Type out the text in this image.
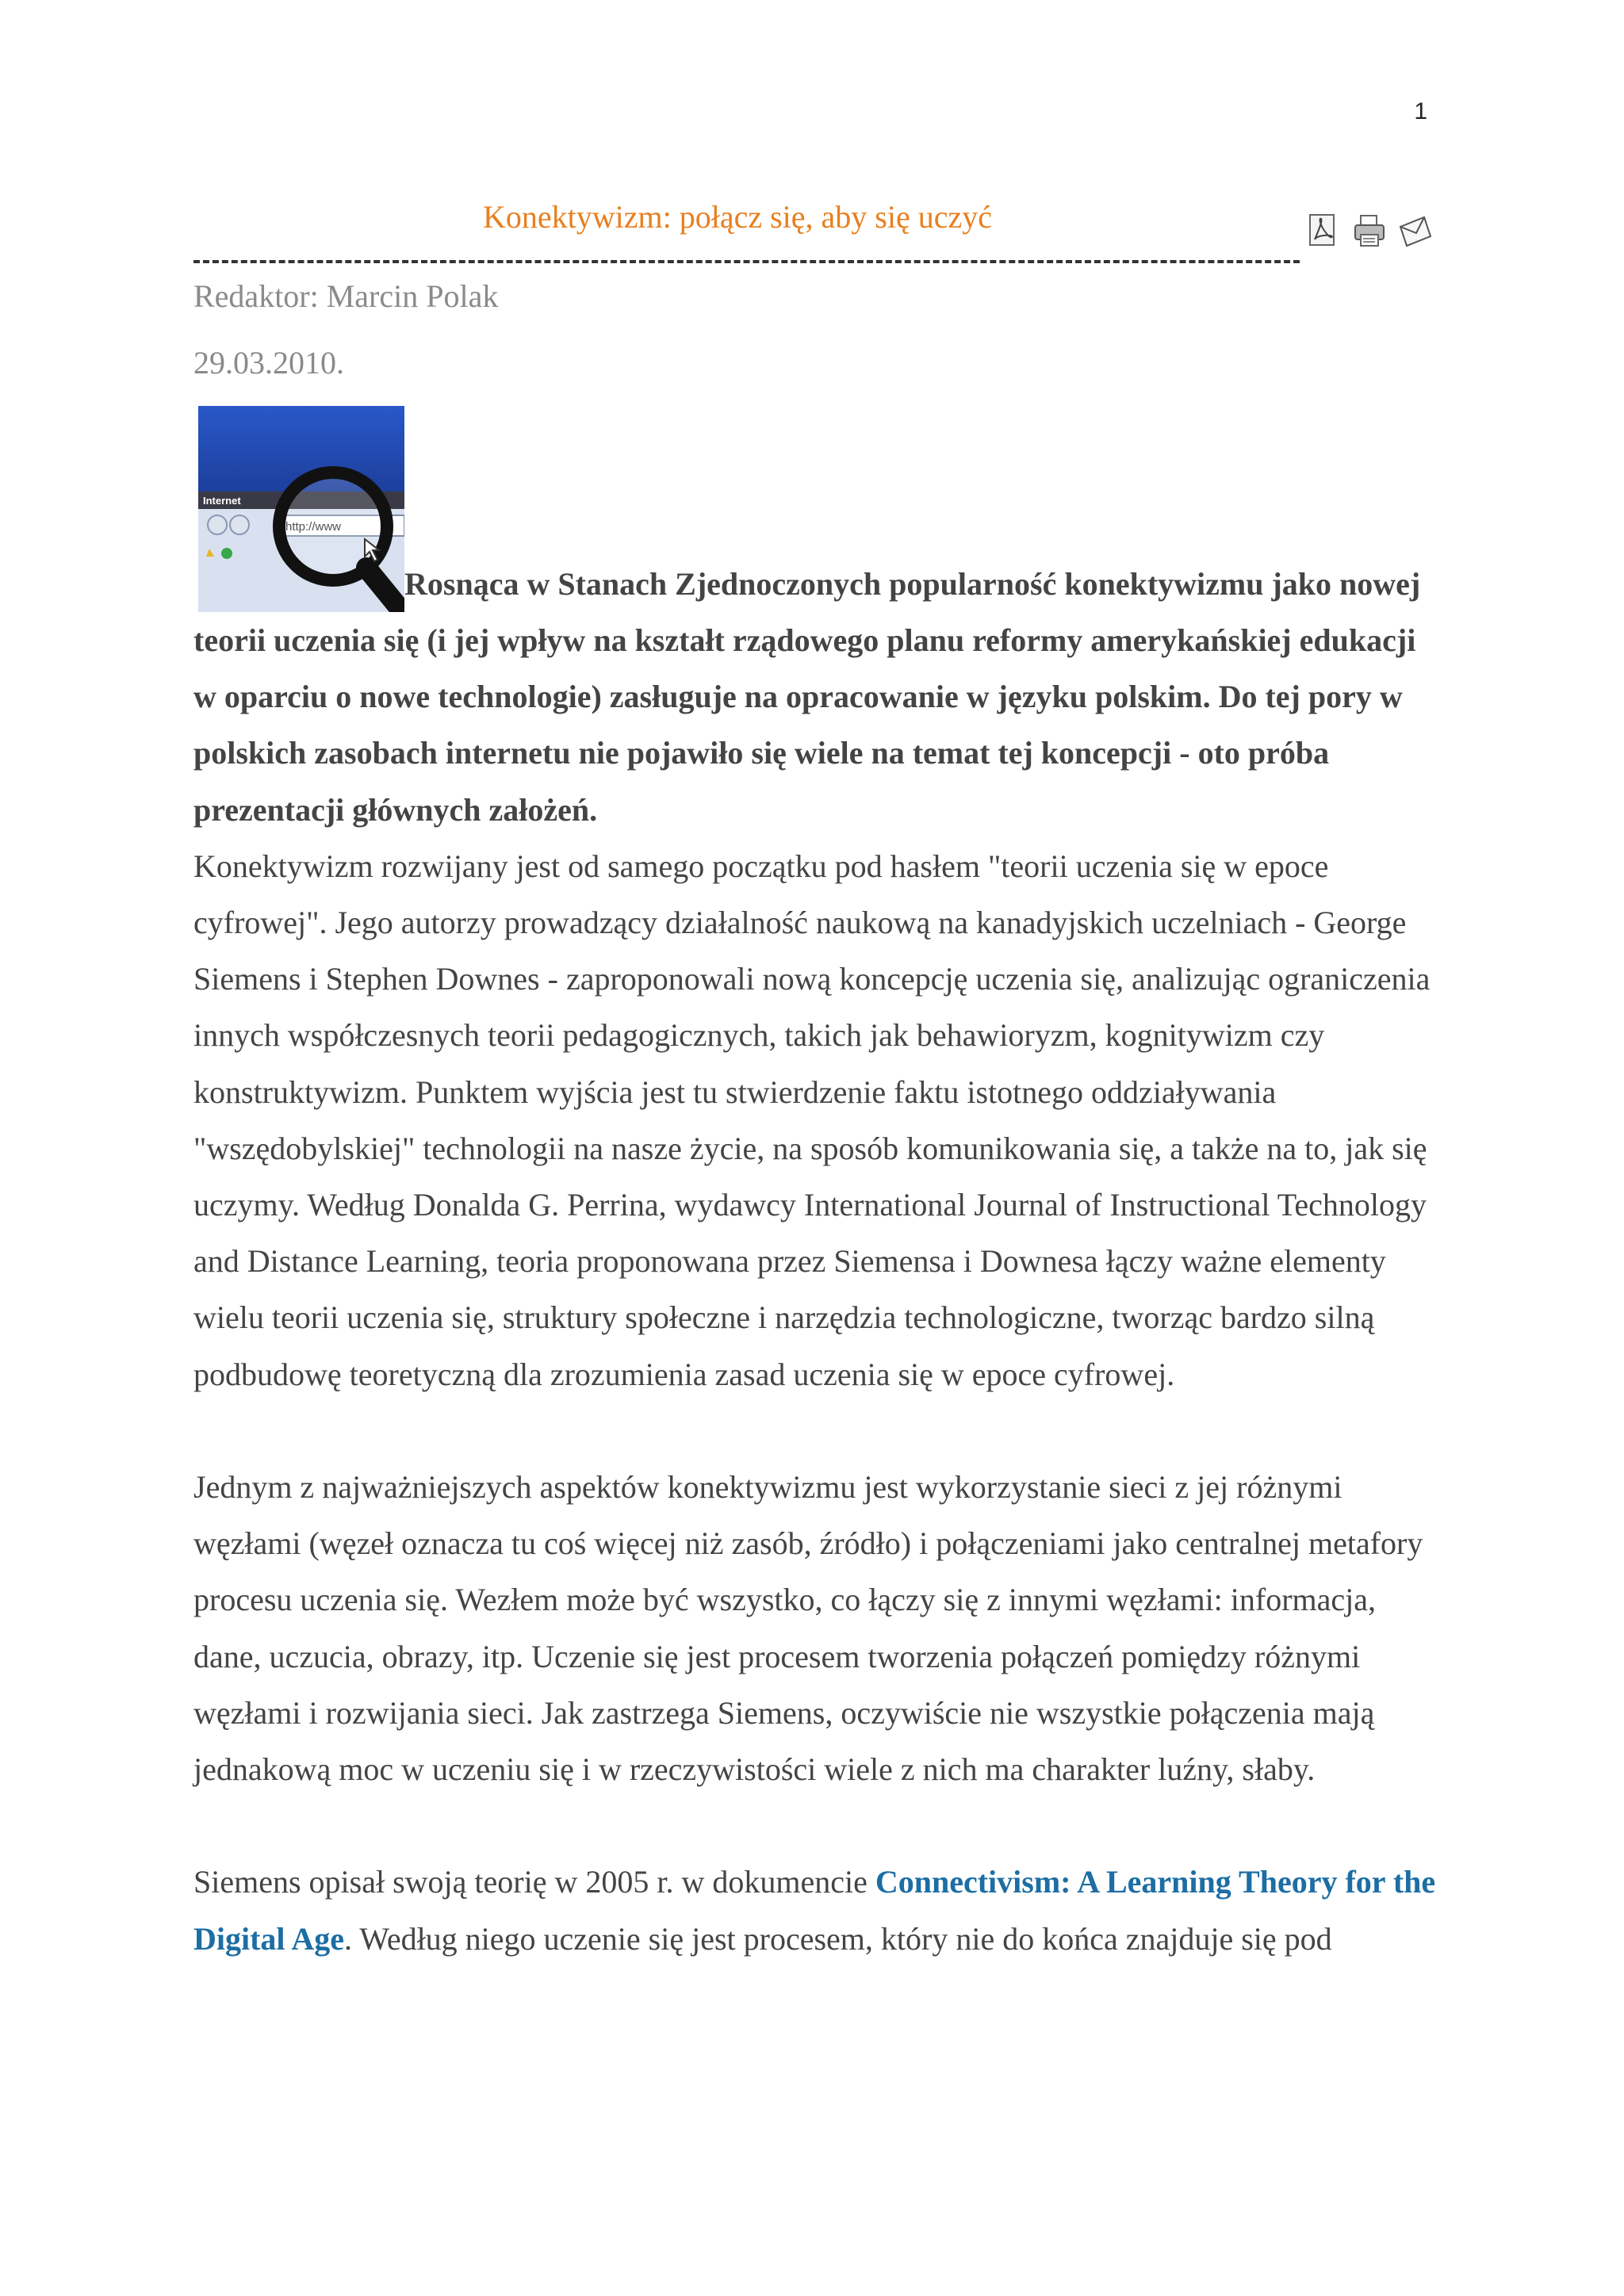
1
Konektywizm: połącz się, aby się uczyć
Redaktor: Marcin Polak
29.03.2010.

Internet
Rosnąca w Stanach Zjednoczonych popularność konektywizmu jako nowej teorii uczenia się (i jej wpływ na kształt rządowego planu reformy amerykańskiej edukacji w oparciu o nowe technologie) zasługuje na opracowanie w języku polskim. Do tej pory w polskich zasobach internetu nie pojawiło się wiele na temat tej koncepcji - oto próba prezentacji głównych założeń.

Konektywizm rozwijany jest od samego początku pod hasłem "teorii uczenia się w epoce cyfrowej". Jego autorzy prowadzący działalność naukową na kanadyjskich uczelniach - George Siemens i Stephen Downes - zaproponowali nową koncepcję uczenia się, analizując ograniczenia innych współczesnych teorii pedagogicznych, takich jak behawioryzm, kognitywizm czy konstruktywizm. Punktem wyjścia jest tu stwierdzenie faktu istotnego oddziaływania "wszędobylskiej" technologii na nasze życie, na sposób komunikowania się, a także na to, jak się uczymy. Według Donalda G. Perrina, wydawcy International Journal of Instructional Technology and Distance Learning, teoria proponowana przez Siemensa i Downesa łączy ważne elementy wielu teorii uczenia się, struktury społeczne i narzędzia technologiczne, tworząc bardzo silną podbudowę teoretyczną dla zrozumienia zasad uczenia się w epoce cyfrowej.

Jednym z najważniejszych aspektów konektywizmu jest wykorzystanie sieci z jej różnymi węzłami (węzeł oznacza tu coś więcej niż zasób, źródło) i połączeniami jako centralnej metafory procesu uczenia się. Wezłem może być wszystko, co łączy się z innymi węzłami: informacja, dane, uczucia, obrazy, itp. Uczenie się jest procesem tworzenia połączeń pomiędzy różnymi węzłami i rozwijania sieci. Jak zastrzega Siemens, oczywiście nie wszystkie połączenia mają jednakową moc w uczeniu się i w rzeczywistości wiele z nich ma charakter luźny, słaby.

Siemens opisał swoją teorię w 2005 r. w dokumencie Connectivism: A Learning Theory for the Digital Age. Według niego uczenie się jest procesem, który nie do końca znajduje się pod
